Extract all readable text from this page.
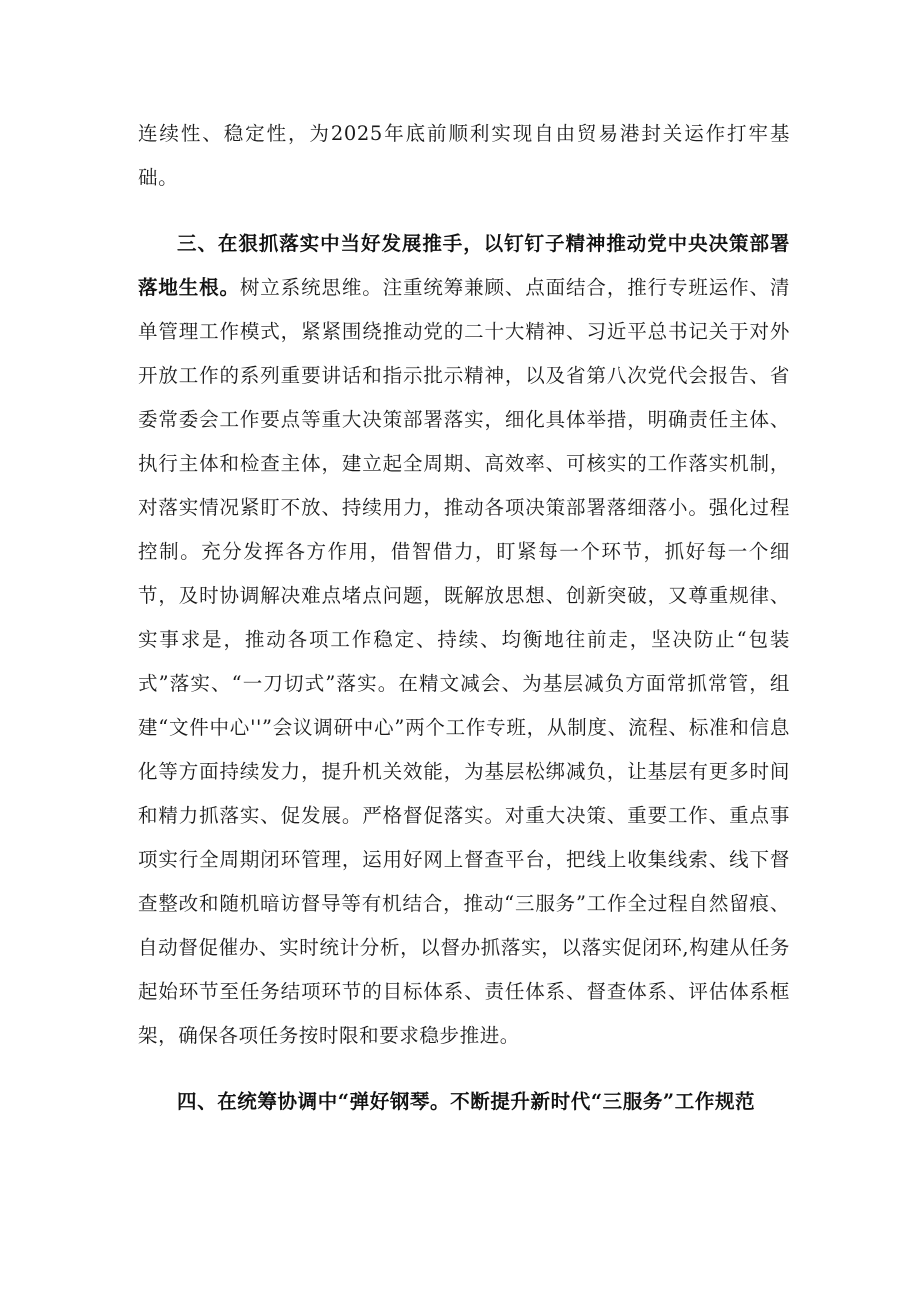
连续性、稳定性，为2025年底前顺利实现自由贸易港封关运作打牢基础。

三、在狠抓落实中当好发展推手，以钉钉子精神推动党中央决策部署落地生根。树立系统思维。注重统筹兼顾、点面结合，推行专班运作、清单管理工作模式，紧紧围绕推动党的二十大精神、习近平总书记关于对外开放工作的系列重要讲话和指示批示精神，以及省第八次党代会报告、省委常委会工作要点等重大决策部署落实，细化具体举措，明确责任主体、执行主体和检查主体，建立起全周期、高效率、可核实的工作落实机制，对落实情况紧盯不放、持续用力，推动各项决策部署落细落小。强化过程控制。充分发挥各方作用，借智借力，盯紧每一个环节，抓好每一个细节，及时协调解决难点堵点问题，既解放思想、创新突破，又尊重规律、实事求是，推动各项工作稳定、持续、均衡地往前走，坚决防止“包装式”落实、“一刀切式”落实。在精文减会、为基层减负方面常抓常管，组建“文件中心''”会议调研中心”两个工作专班，从制度、流程、标准和信息化等方面持续发力，提升机关效能，为基层松绑减负，让基层有更多时间和精力抓落实、促发展。严格督促落实。对重大决策、重要工作、重点事项实行全周期闭环管理，运用好网上督查平台，把线上收集线索、线下督查整改和随机暗访督导等有机结合，推动“三服务”工作全过程自然留痕、自动督促催办、实时统计分析，以督办抓落实，以落实促闭环,构建从任务起始环节至任务结项环节的目标体系、责任体系、督查体系、评估体系框架，确保各项任务按时限和要求稳步推进。

四、在统筹协调中“弹好钢琴。不断提升新时代“三服务”工作规范
